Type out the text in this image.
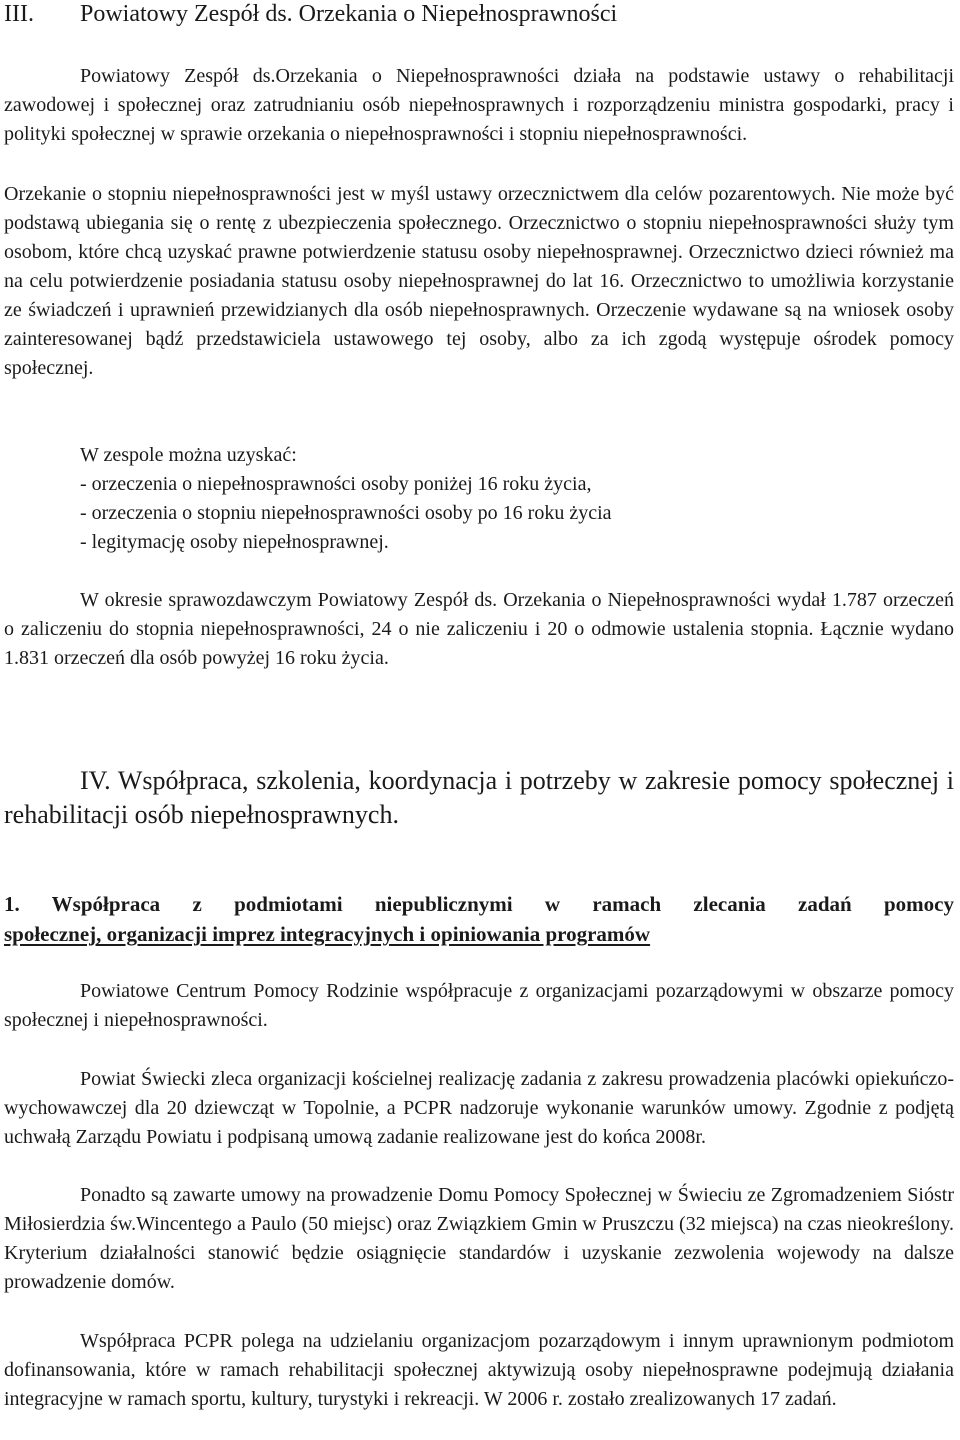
III. Powiatowy Zespół ds. Orzekania o Niepełnosprawności

Powiatowy Zespół ds.Orzekania o Niepełnosprawności działa na podstawie ustawy o rehabilitacji zawodowej i społecznej oraz zatrudnianiu osób niepełnosprawnych i rozporządzeniu ministra gospodarki, pracy i polityki społecznej w sprawie orzekania o niepełnosprawności i stopniu niepełnosprawności.

Orzekanie o stopniu niepełnosprawności jest w myśl ustawy orzecznictwem dla celów pozarentowych. Nie może być podstawą ubiegania się o rentę z ubezpieczenia społecznego. Orzecznictwo o stopniu niepełnosprawności służy tym osobom, które chcą uzyskać prawne potwierdzenie statusu osoby niepełnosprawnej. Orzecznictwo dzieci również ma na celu potwierdzenie posiadania statusu osoby niepełnosprawnej do lat 16. Orzecznictwo to umożliwia korzystanie ze świadczeń i uprawnień przewidzianych dla osób niepełnosprawnych. Orzeczenie wydawane są na wniosek osoby zainteresowanej bądź przedstawiciela ustawowego tej osoby, albo za ich zgodą występuje ośrodek pomocy społecznej.

W zespole można uzyskać:
- orzeczenia o niepełnosprawności osoby poniżej 16 roku życia,
- orzeczenia o stopniu niepełnosprawności osoby po 16 roku życia
- legitymację osoby niepełnosprawnej.

W okresie sprawozdawczym Powiatowy Zespół ds. Orzekania o Niepełnosprawności wydał 1.787 orzeczeń o zaliczeniu do stopnia niepełnosprawności, 24 o nie zaliczeniu i 20 o odmowie ustalenia stopnia. Łącznie wydano 1.831 orzeczeń dla osób powyżej 16 roku życia.

IV. Współpraca, szkolenia, koordynacja i potrzeby w zakresie pomocy społecznej i rehabilitacji osób niepełnosprawnych.
1. Współpraca z podmiotami niepublicznymi w ramach zlecania zadań pomocy
społecznej, organizacji imprez integracyjnych i opiniowania programów

Powiatowe Centrum Pomocy Rodzinie współpracuje z organizacjami pozarządowymi w obszarze pomocy społecznej i niepełnosprawności.

Powiat Świecki zleca organizacji kościelnej realizację zadania z zakresu prowadzenia placówki opiekuńczo-wychowawczej dla 20 dziewcząt w Topolnie, a PCPR nadzoruje wykonanie warunków umowy. Zgodnie z podjętą uchwałą Zarządu Powiatu i podpisaną umową zadanie realizowane jest do końca 2008r.

Ponadto są zawarte umowy na prowadzenie Domu Pomocy Społecznej w Świeciu ze Zgromadzeniem Sióstr Miłosierdzia św.Wincentego a Paulo (50 miejsc) oraz Związkiem Gmin w Pruszczu (32 miejsca) na czas nieokreślony. Kryterium działalności stanowić będzie osiągnięcie standardów i uzyskanie zezwolenia wojewody na dalsze prowadzenie domów.

Współpraca PCPR polega na udzielaniu organizacjom pozarządowym i innym uprawnionym podmiotom dofinansowania, które w ramach rehabilitacji społecznej aktywizują osoby niepełnosprawne podejmują działania integracyjne w ramach sportu, kultury, turystyki i rekreacji. W 2006 r. zostało zrealizowanych 17 zadań.
